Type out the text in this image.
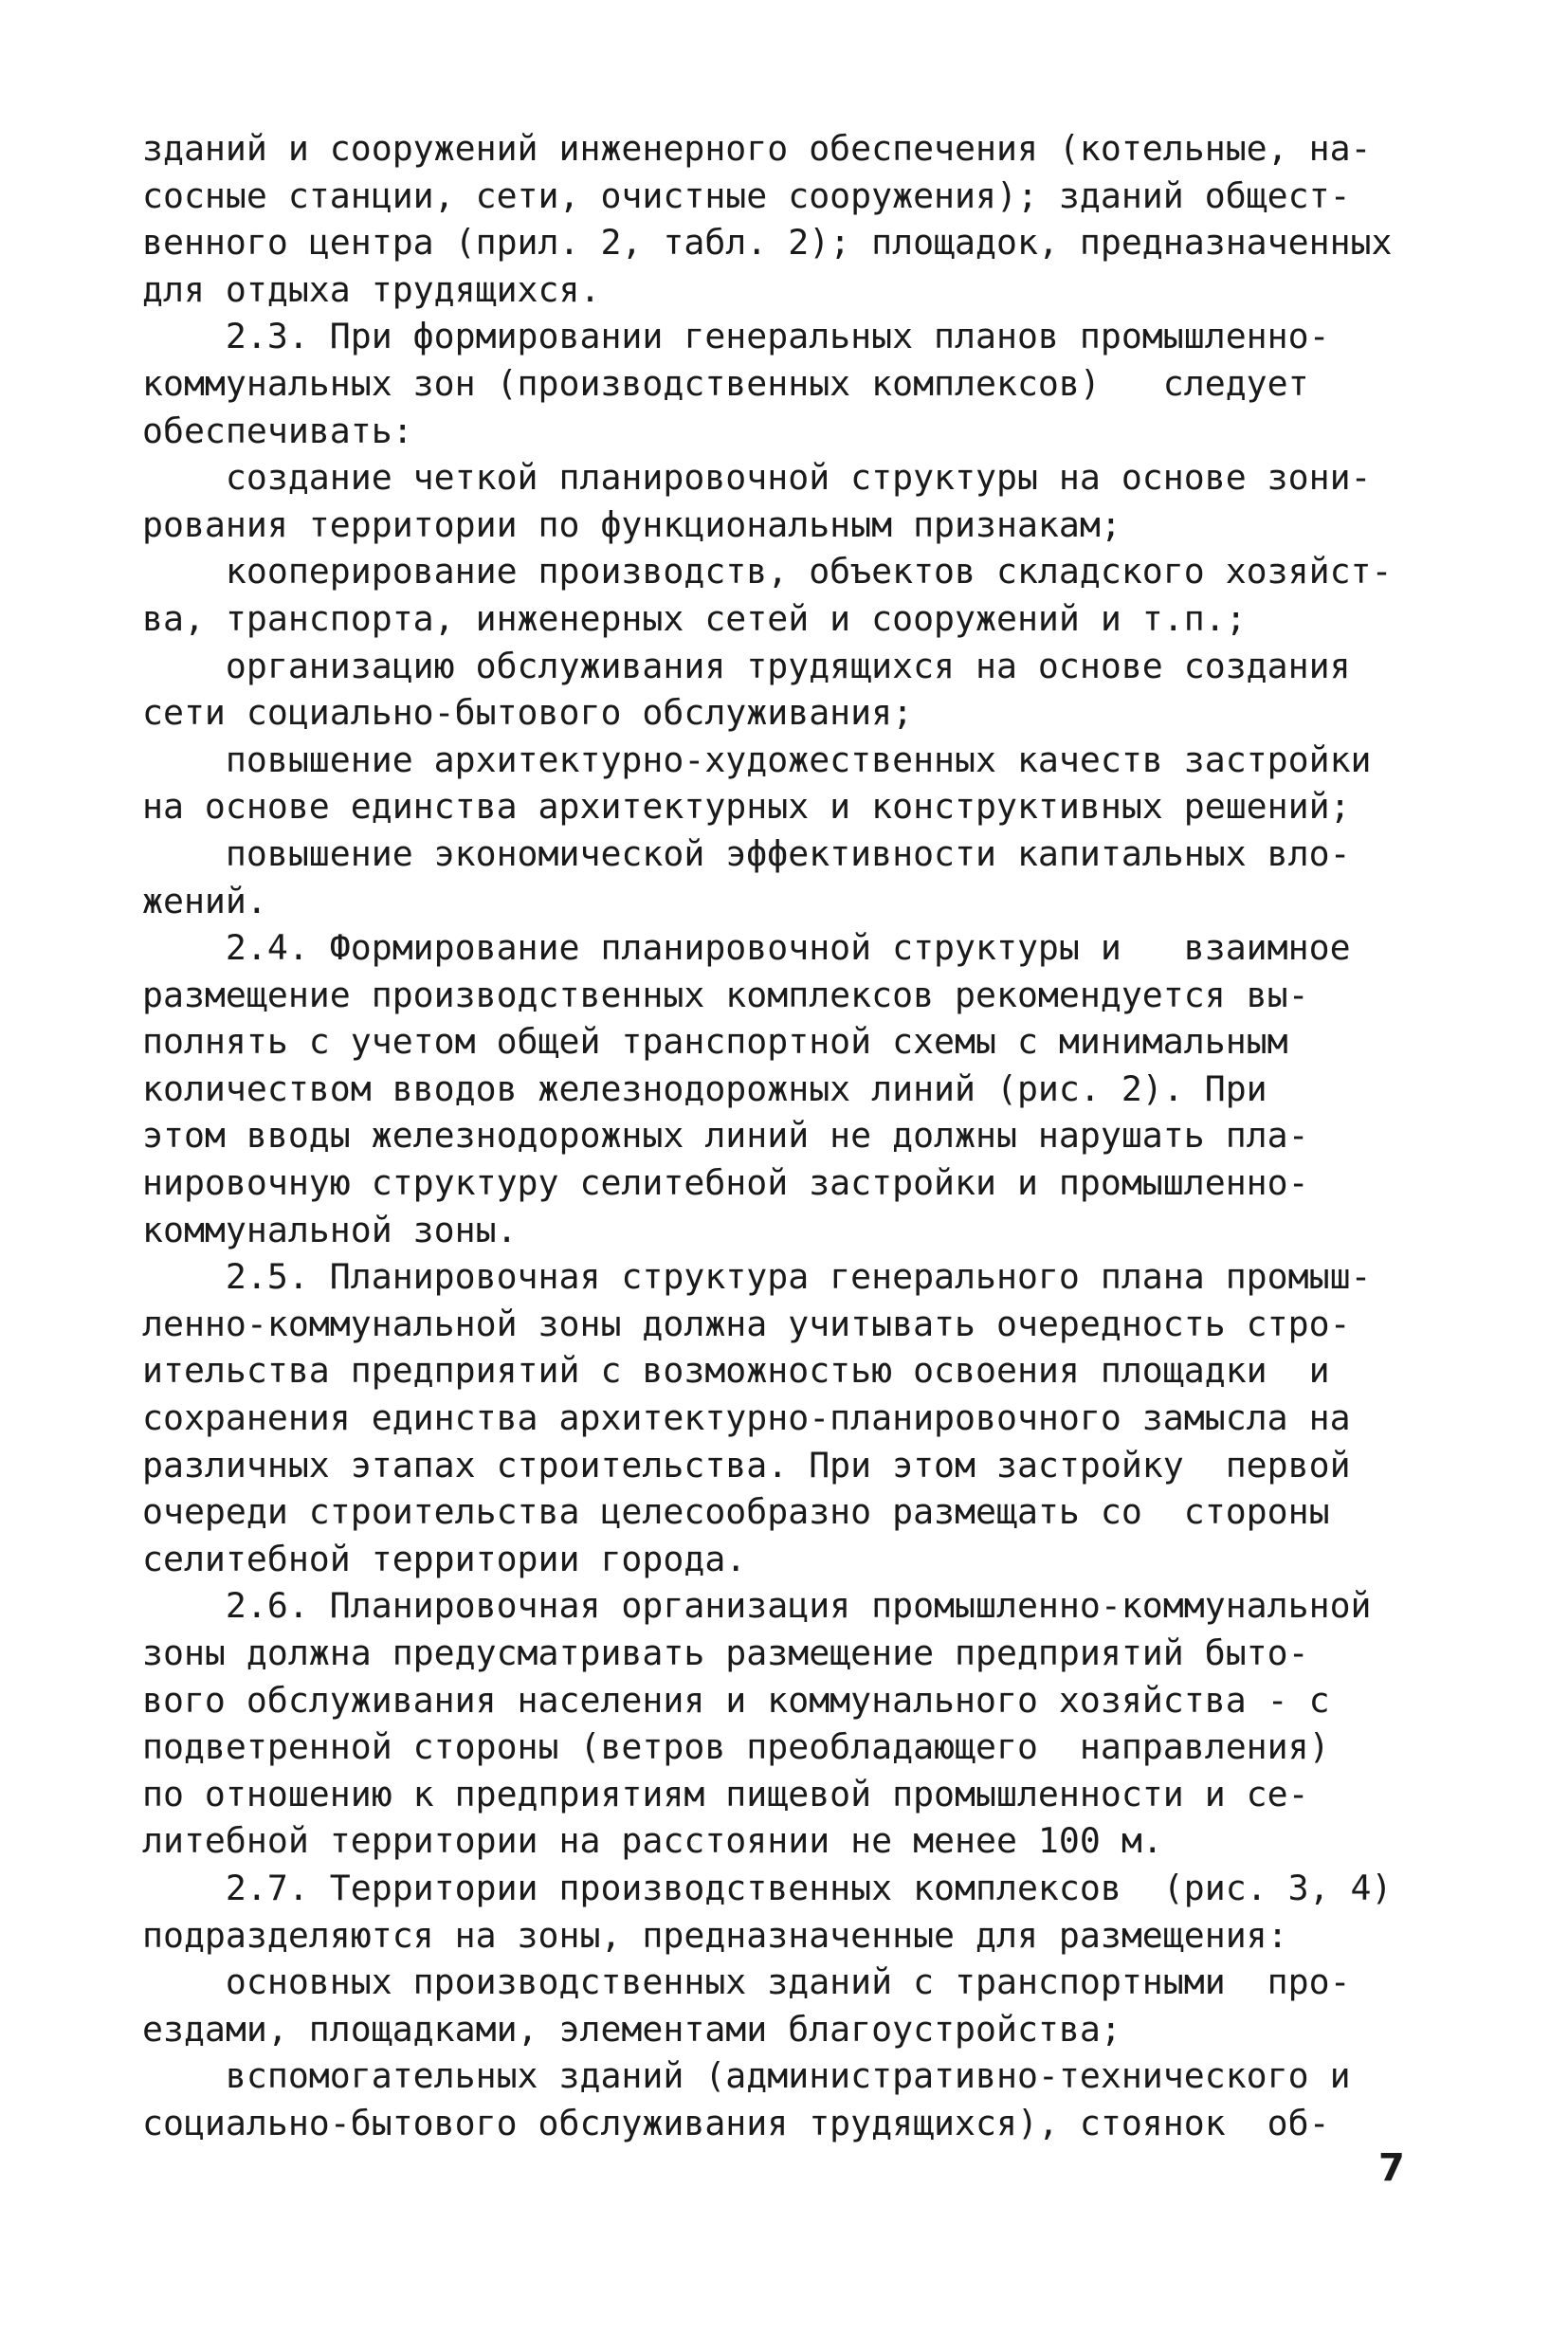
зданий и сооружений инженерного обеспечения (котельные, на-
сосные станции, сети, очистные сооружения); зданий общест-
венного центра (прил. 2, табл. 2); площадок, предназначенных
для отдыха трудящихся.
2.3. При формировании генеральных планов промышленно-
коммунальных зон (производственных комплексов)   следует
обеспечивать:
создание четкой планировочной структуры на основе зони-
рования территории по функциональным признакам;
кооперирование производств, объектов складского хозяйст-
ва, транспорта, инженерных сетей и сооружений и т.п.;
организацию обслуживания трудящихся на основе создания
сети социально-бытового обслуживания;
повышение архитектурно-художественных качеств застройки
на основе единства архитектурных и конструктивных решений;
повышение экономической эффективности капитальных вло-
жений.
2.4. Формирование планировочной структуры и   взаимное
размещение производственных комплексов рекомендуется вы-
полнять с учетом общей транспортной схемы с минимальным
количеством вводов железнодорожных линий (рис. 2). При
этом вводы железнодорожных линий не должны нарушать пла-
нировочную структуру селитебной застройки и промышленно-
коммунальной зоны.
2.5. Планировочная структура генерального плана промыш-
ленно-коммунальной зоны должна учитывать очередность стро-
ительства предприятий с возможностью освоения площадки  и
сохранения единства архитектурно-планировочного замысла на
различных этапах строительства. При этом застройку  первой
очереди строительства целесообразно размещать со  стороны
селитебной территории города.
2.6. Планировочная организация промышленно-коммунальной
зоны должна предусматривать размещение предприятий быто-
вого обслуживания населения и коммунального хозяйства - с
подветренной стороны (ветров преобладающего  направления)
по отношению к предприятиям пищевой промышленности и се-
литебной территории на расстоянии не менее 100 м.
2.7. Территории производственных комплексов  (рис. 3, 4)
подразделяются на зоны, предназначенные для размещения:
основных производственных зданий с транспортными  про-
ездами, площадками, элементами благоустройства;
вспомогательных зданий (административно-технического и
социально-бытового обслуживания трудящихся), стоянок  об-
7
